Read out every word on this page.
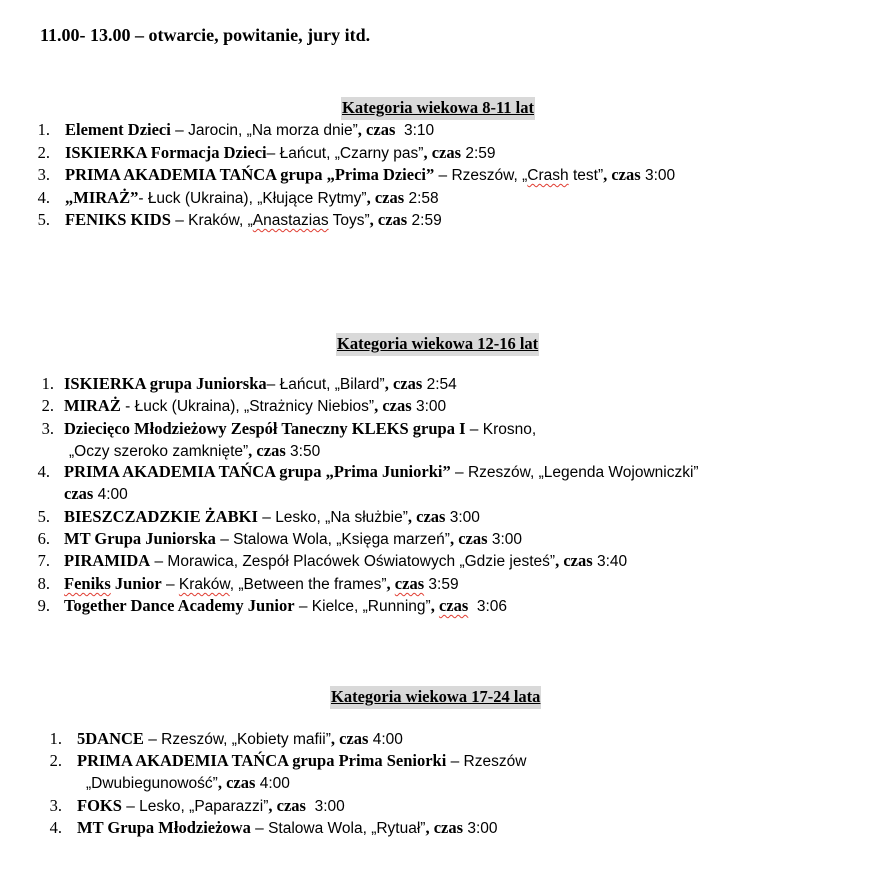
11.00- 13.00 – otwarcie, powitanie, jury itd.
Kategoria wiekowa 8-11 lat
1. Element Dzieci – Jarocin, „Na morza dnie”, czas  3:10
2. ISKIERKA Formacja Dzieci– Łańcut, „Czarny pas”, czas 2:59
3. PRIMA AKADEMIA TAŃCA grupa „Prima Dzieci” – Rzeszów, „Crash test”, czas 3:00
4. „MIRAŻ”- Łuck (Ukraina), „Kłujące Rytmy”, czas 2:58
5. FENIKS KIDS – Kraków, „Anastazias Toys”, czas 2:59
Kategoria wiekowa 12-16 lat
1. ISKIERKA grupa Juniorska– Łańcut, „Bilard”, czas 2:54
2. MIRAŻ - Łuck (Ukraina), „Strażnicy Niebios”, czas 3:00
3. Dziecięco Młodzieżowy Zespół Taneczny KLEKS grupa I – Krosno,
„Oczy szeroko zamknięte”, czas 3:50
4. PRIMA AKADEMIA TAŃCA grupa „Prima Juniorki” – Rzeszów, „Legenda Wojowniczki”
czas 4:00
5. BIESZCZADZKIE ŻABKI – Lesko, „Na służbie”, czas 3:00
6. MT Grupa Juniorska – Stalowa Wola, „Księga marzeń”, czas 3:00
7. PIRAMIDA – Morawica, Zespół Placówek Oświatowych „Gdzie jesteś”, czas 3:40
8. Feniks Junior – Kraków, „Between the frames”, czas 3:59
9. Together Dance Academy Junior – Kielce, „Running”, czas  3:06
Kategoria wiekowa 17-24 lata
1. 5DANCE – Rzeszów, „Kobiety mafii”, czas 4:00
2. PRIMA AKADEMIA TAŃCA grupa Prima Seniorki – Rzeszów
„Dwubiegunowość”, czas 4:00
3. FOKS – Lesko, „Paparazzi”, czas  3:00
4. MT Grupa Młodzieżowa – Stalowa Wola, „Rytuał”, czas 3:00
